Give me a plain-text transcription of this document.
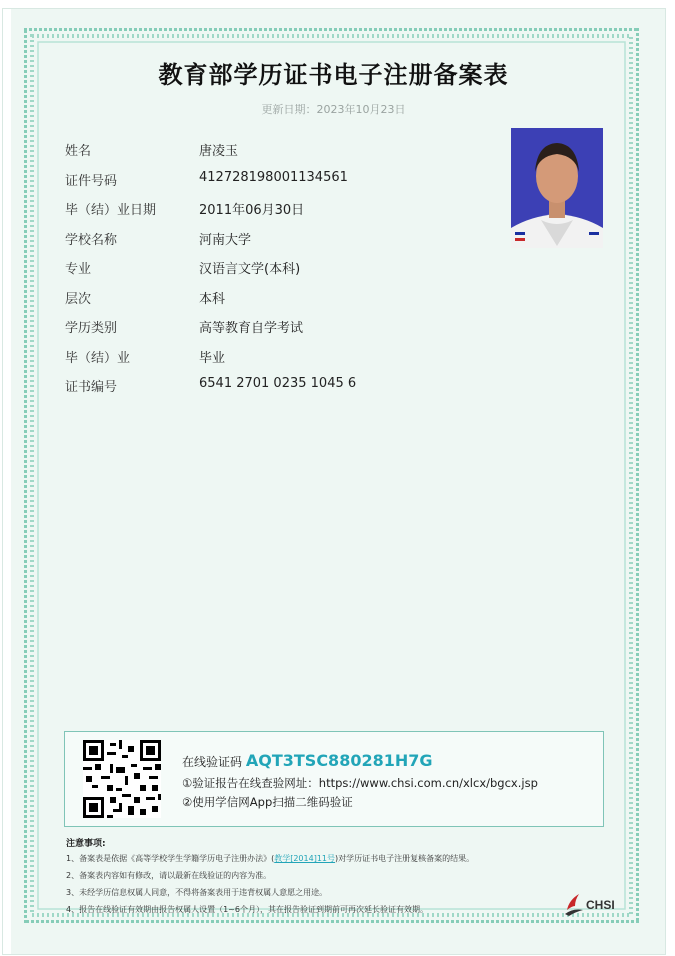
教育部学历证书电子注册备案表
更新日期：2023年10月23日
姓名	唐凌玉
证件号码	412728198001134561
毕（结）业日期	2011年06月30日
学校名称	河南大学
专业	汉语言文学(本科)
层次	本科
学历类别	高等教育自学考试
毕（结）业	毕业
证书编号	6541 2701 0235 1045 6
在线验证码 AQT3TSC880281H7G
①验证报告在线查验网址：https://www.chsi.com.cn/xlcx/bgcx.jsp
②使用学信网App扫描二维码验证
注意事项:
1、备案表是依据《高等学校学生学籍学历电子注册办法》(教学[2014]11号)对学历证书电子注册复核备案的结果。
2、备案表内容如有修改，请以最新在线验证的内容为准。
3、未经学历信息权属人同意，不得将备案表用于违背权属人意愿之用途。
4、报告在线验证有效期由报告权属人设置（1~6个月），其在报告验证到期前可再次延长验证有效期。	CHSI
